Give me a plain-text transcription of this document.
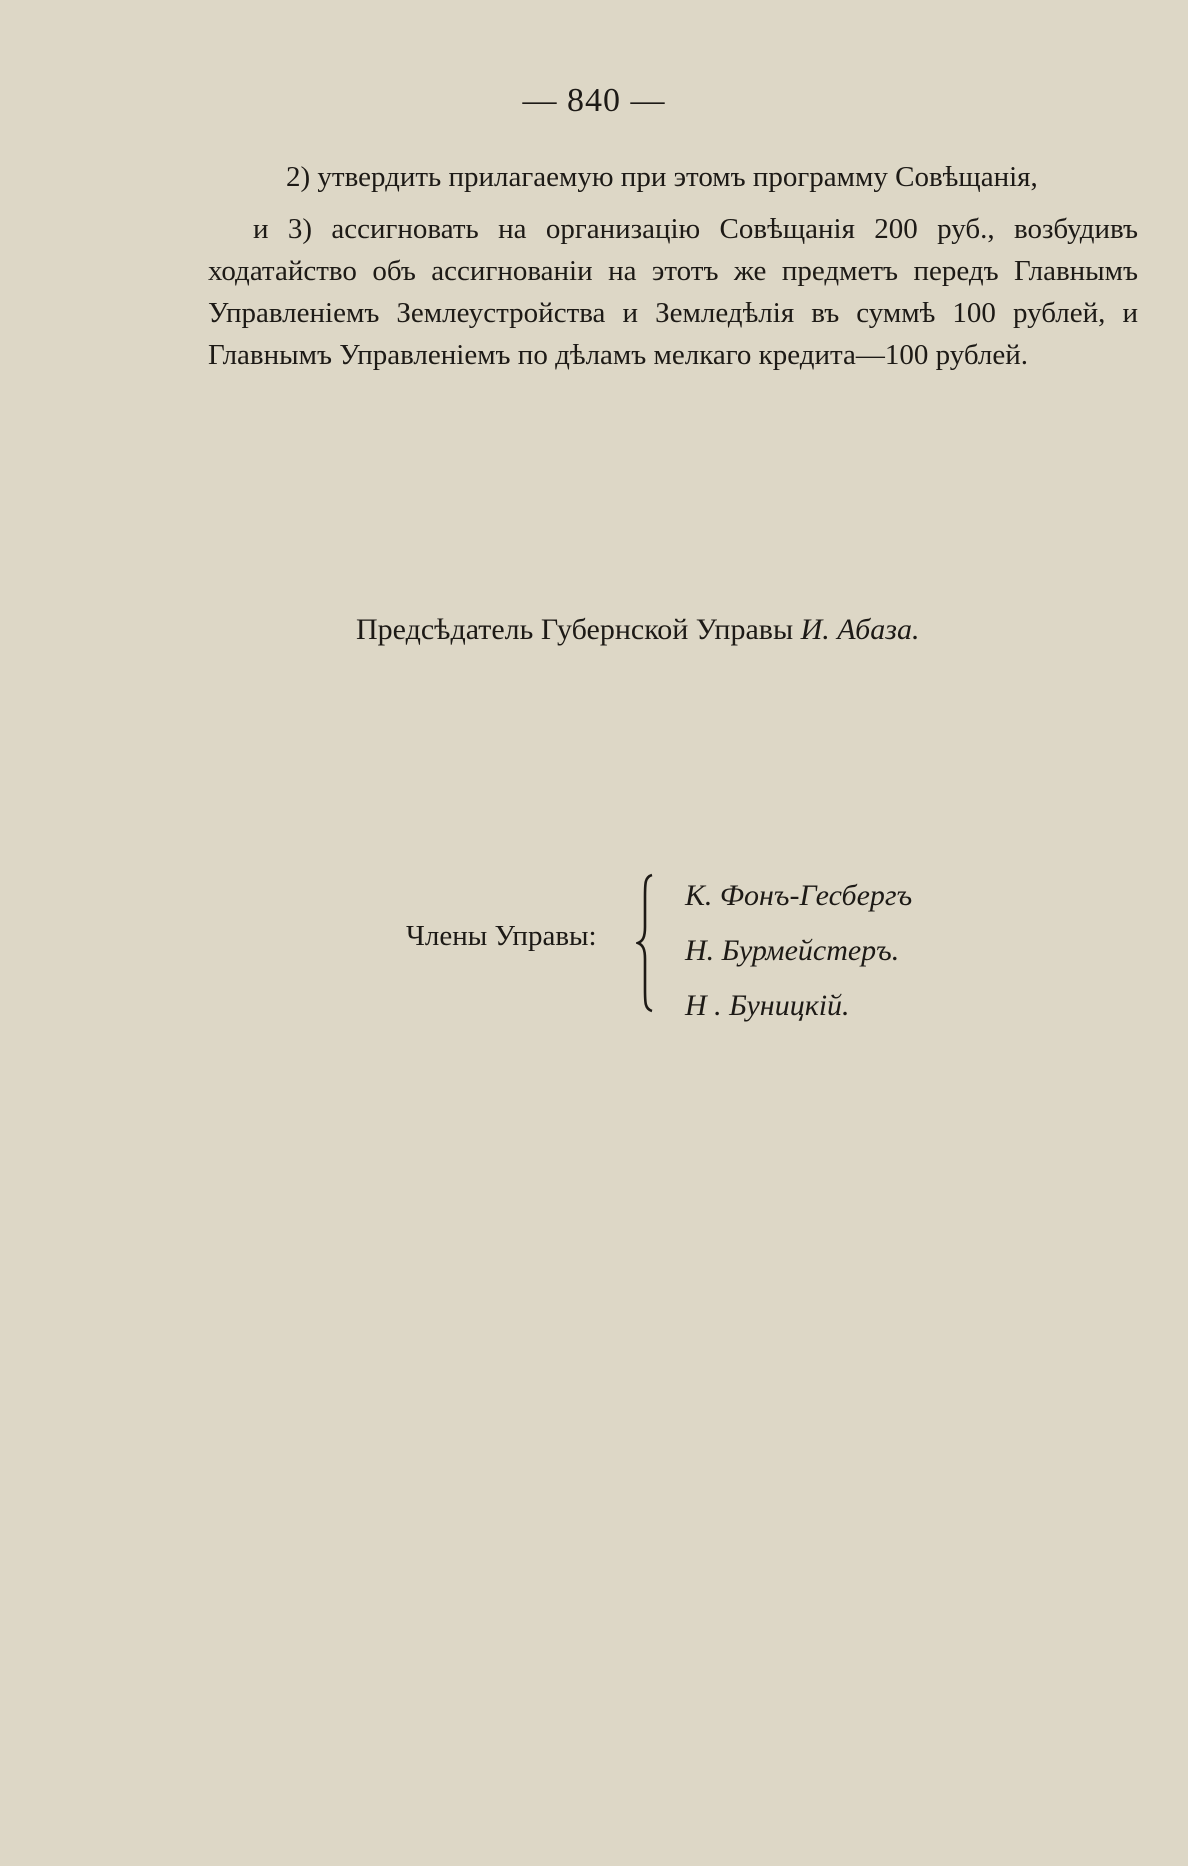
— 840 —

2) утвердить прилагаемую при этомъ программу Совѣщанія,

и 3) ассигновать на организацію Совѣщанія 200 руб., возбудивъ ходатайство объ ассигнованіи на этотъ же предметъ передъ Главнымъ Управленіемъ Землеустройства и Земледѣлія въ суммѣ 100 рублей, и Главнымъ Управленіемъ по дѣламъ мелкаго кредита—100 рублей.

Предсѣдатель Губернской Управы И. Абаза.
Члены Управы:
К. Фонъ-Гесбергъ
Н. Бурмейстеръ.
Н . Буницкій.
